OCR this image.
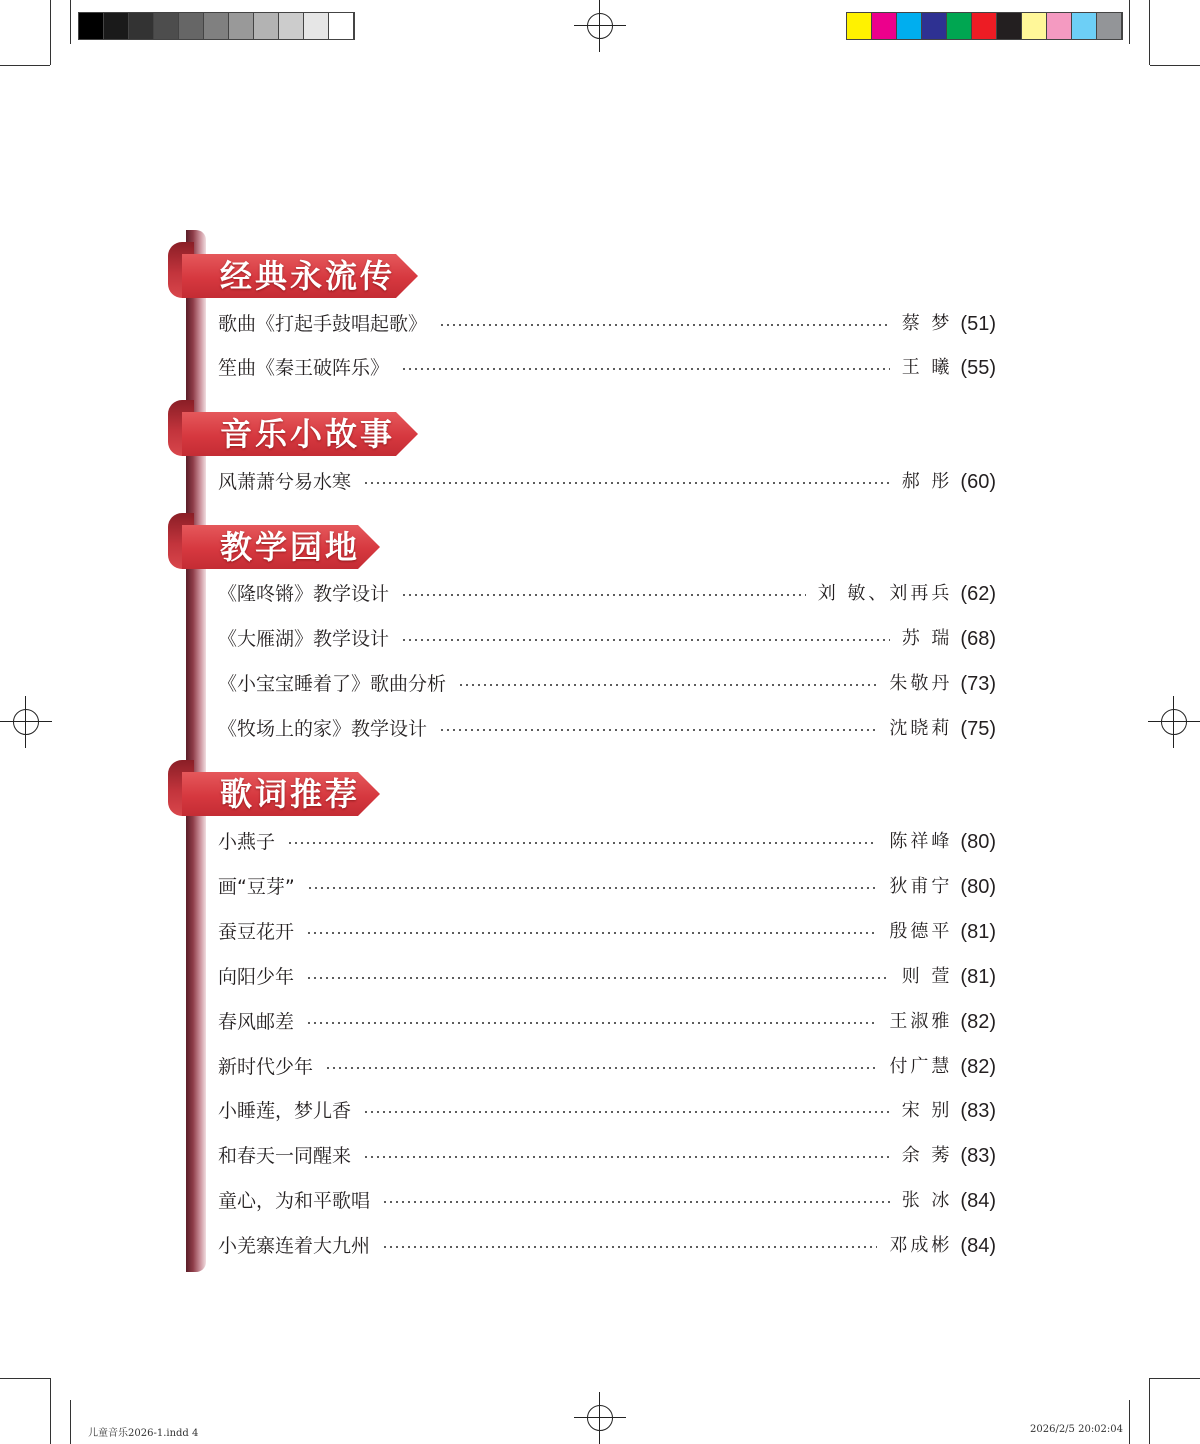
经典永流传
歌曲《打起手鼓唱起歌》	蔡 梦 (51)
笙曲《秦王破阵乐》	王 曦 (55)
音乐小故事
风萧萧兮易水寒	郝 彤 (60)
教学园地
《隆咚锵》教学设计	刘 敏、刘再兵 (62)
《大雁湖》教学设计	苏 瑞 (68)
《小宝宝睡着了》歌曲分析	朱敬丹 (73)
《牧场上的家》教学设计	沈晓莉 (75)
歌词推荐
小燕子	陈祥峰 (80)
画“豆芽”	狄甫宁 (80)
蚕豆花开	殷德平 (81)
向阳少年	则 萱 (81)
春风邮差	王淑雅 (82)
新时代少年	付广慧 (82)
小睡莲，梦儿香	宋 别 (83)
和春天一同醒来	余 莠 (83)
童心，为和平歌唱	张 冰 (84)
小羌寨连着大九州	邓成彬 (84)
儿童音乐2026-1.indd 4	2026/2/5 20:02:04
